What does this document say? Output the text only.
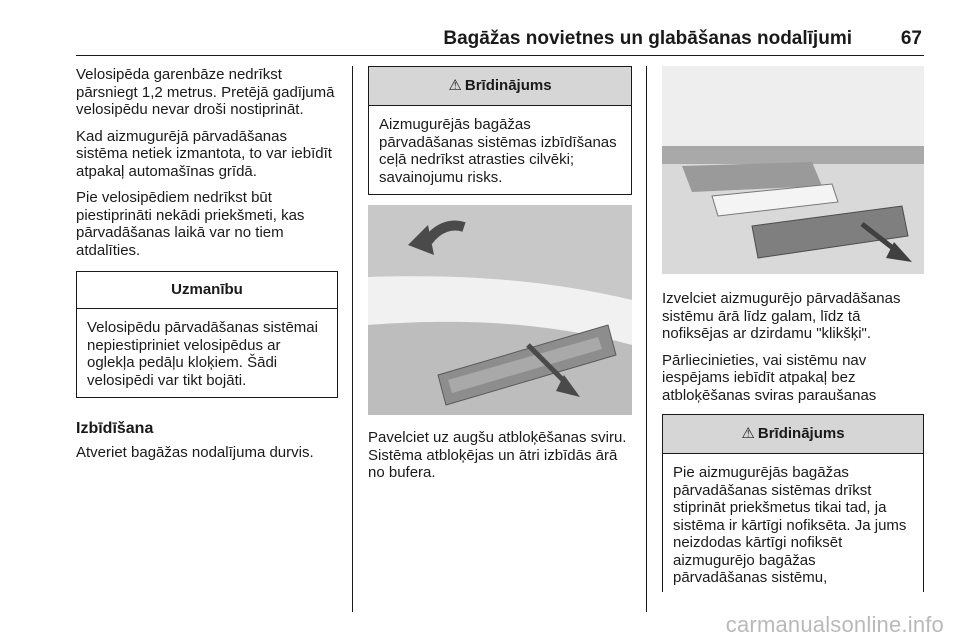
Bagāžas novietnes un glabāšanas nodalījumi	67

Velosipēda garenbāze nedrīkst pārsniegt 1,2 metrus. Pretējā gadījumā velosipēdu nevar droši nostiprināt.

Kad aizmugurējā pārvadāšanas sistēma netiek izmantota, to var iebīdīt atpakaļ automašīnas grīdā.

Pie velosipēdiem nedrīkst būt piestiprināti nekādi priekšmeti, kas pārvadāšanas laikā var no tiem atdalīties.

Uzmanību
Velosipēdu pārvadāšanas sistēmai nepiestipriniet velosipēdus ar oglekļa pedāļu kloķiem. Šādi velosipēdi var tikt bojāti.
Izbīdīšana

Atveriet bagāžas nodalījuma durvis.

⚠ Brīdinājums
Aizmugurējās bagāžas pārvadāšanas sistēmas izbīdīšanas ceļā nedrīkst atrasties cilvēki; savainojumu risks.

Pavelciet uz augšu atbloķēšanas sviru. Sistēma atbloķējas un ātri izbīdās ārā no bufera.

Izvelciet aizmugurējo pārvadāšanas sistēmu ārā līdz galam, līdz tā nofiksējas ar dzirdamu "klikšķi".

Pārliecinieties, vai sistēmu nav iespējams iebīdīt atpakaļ bez atbloķēšanas sviras paraušanas

⚠ Brīdinājums
Pie aizmugurējās bagāžas pārvadāšanas sistēmas drīkst stiprināt priekšmetus tikai tad, ja sistēma ir kārtīgi nofiksēta. Ja jums neizdodas kārtīgi nofiksēt aizmugurējo bagāžas pārvadāšanas sistēmu,
carmanualsonline.info
